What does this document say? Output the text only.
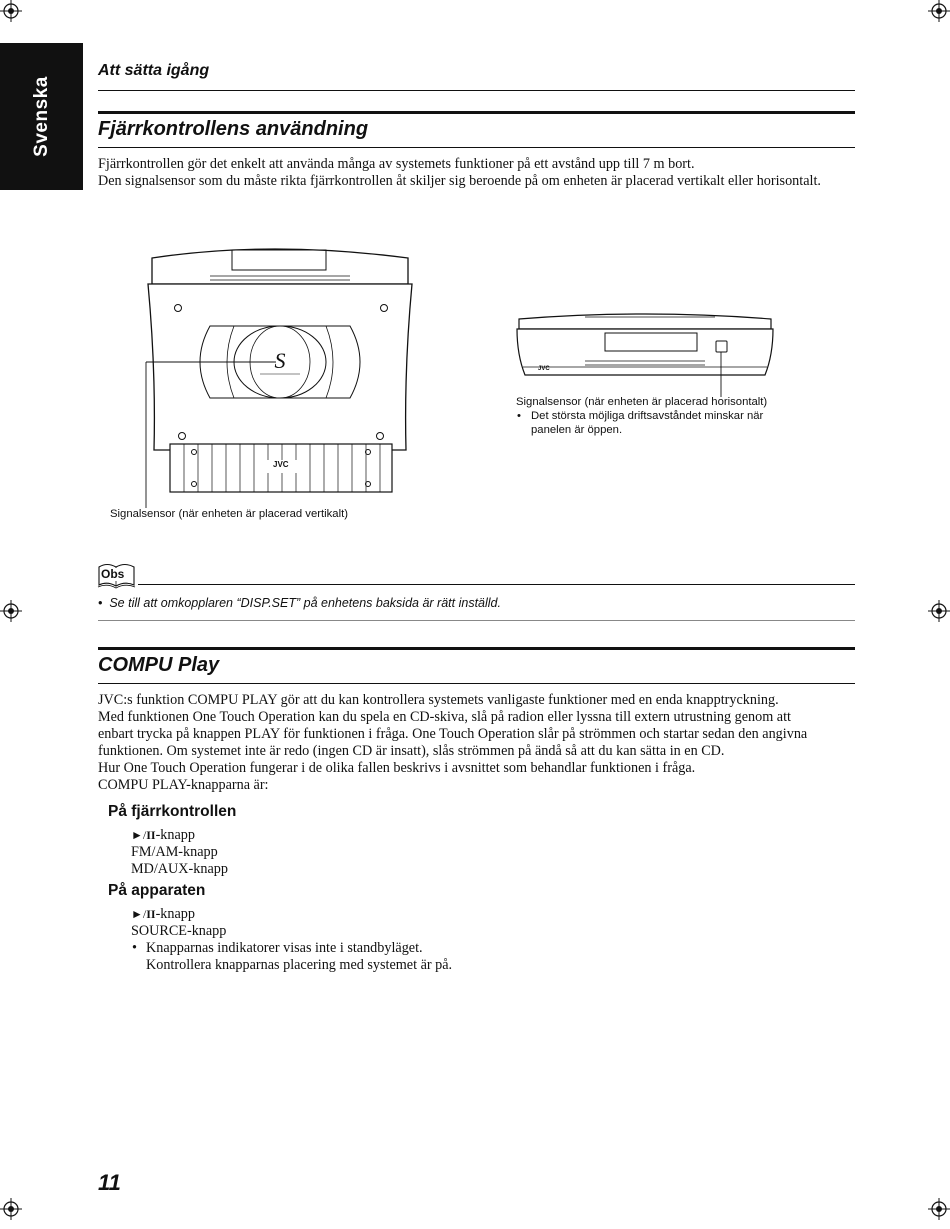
Svenska
Att sätta igång
Fjärrkontrollens användning
Fjärrkontrollen gör det enkelt att använda många av systemets funktioner på ett avstånd upp till 7 m bort.
Den signalsensor som du måste rikta fjärrkontrollen åt skiljer sig beroende på om enheten är placerad vertikalt eller horisontalt.
S
JVC
Signalsensor (när enheten är placerad vertikalt)
JVC
Signalsensor (när enheten är placerad horisontalt)
• Det största möjliga driftsavståndet minskar när
panelen är öppen.
Obs
•  Se till att omkopplaren “DISP.SET” på enhetens baksida är rätt inställd.
COMPU Play
JVC:s funktion COMPU PLAY gör att du kan kontrollera systemets vanligaste funktioner med en enda knapptryckning.
Med funktionen One Touch Operation kan du spela en CD-skiva, slå på radion eller lyssna till extern utrustning genom att
enbart trycka på knappen PLAY för funktionen i fråga. One Touch Operation slår på strömmen och startar sedan den angivna
funktionen. Om systemet inte är redo (ingen CD är insatt), slås strömmen på ändå så att du kan sätta in en CD.
Hur One Touch Operation fungerar i de olika fallen beskrivs i avsnittet som behandlar funktionen i fråga.
COMPU PLAY-knapparna är:
På fjärrkontrollen
►/II-knapp
FM/AM-knapp
MD/AUX-knapp
På apparaten
►/II-knapp
SOURCE-knapp
• Knapparnas indikatorer visas inte i standbyläget.
Kontrollera knapparnas placering med systemet är på.
11
